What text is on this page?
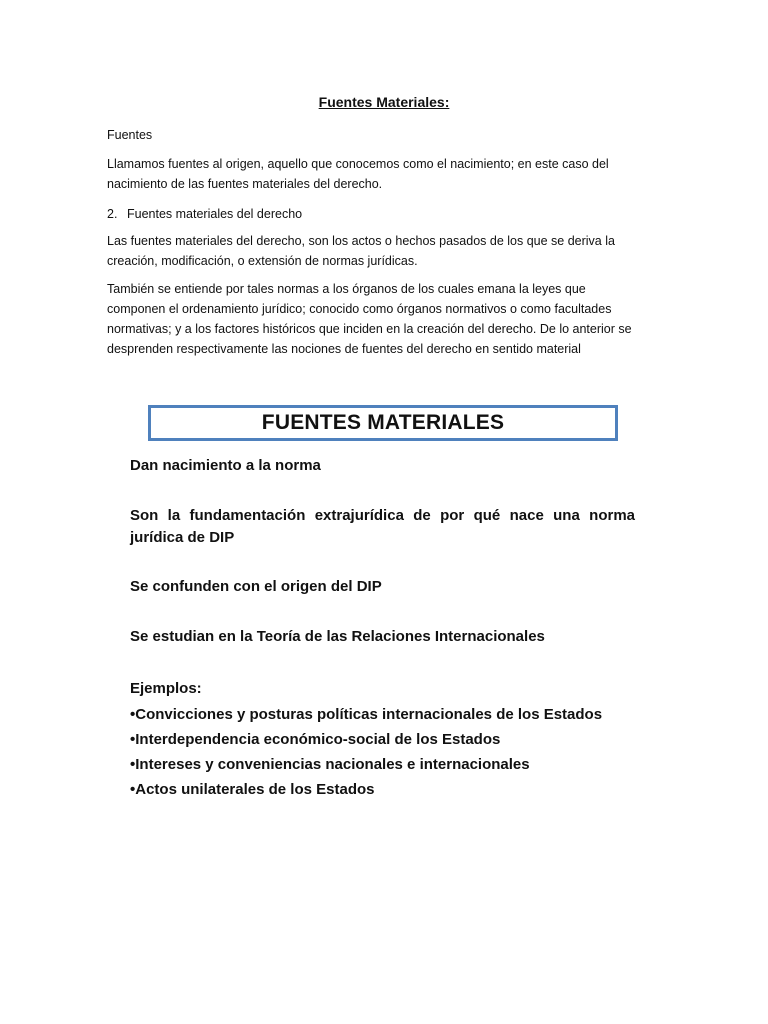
Fuentes Materiales:

Fuentes

Llamamos fuentes al origen, aquello que conocemos como el nacimiento; en este caso del nacimiento de las fuentes materiales del derecho.

2. Fuentes materiales del derecho

Las fuentes materiales del derecho, son los actos o hechos pasados de los que se deriva la creación, modificación, o extensión de normas jurídicas.

También se entiende por tales normas a los órganos de los cuales emana la leyes que componen el ordenamiento jurídico; conocido como órganos normativos o como facultades normativas; y a los factores históricos que inciden en la creación del derecho. De lo anterior se desprenden respectivamente las nociones de fuentes del derecho en sentido material

FUENTES MATERIALES

Dan nacimiento a la norma

Son la fundamentación extrajurídica de por qué nace una norma jurídica de DIP

Se confunden con el origen del DIP

Se estudian en la Teoría de las Relaciones Internacionales

Ejemplos:

•Convicciones y posturas políticas internacionales de los Estados
•Interdependencia económico-social de los Estados
•Intereses y conveniencias nacionales e internacionales
•Actos unilaterales de los Estados
